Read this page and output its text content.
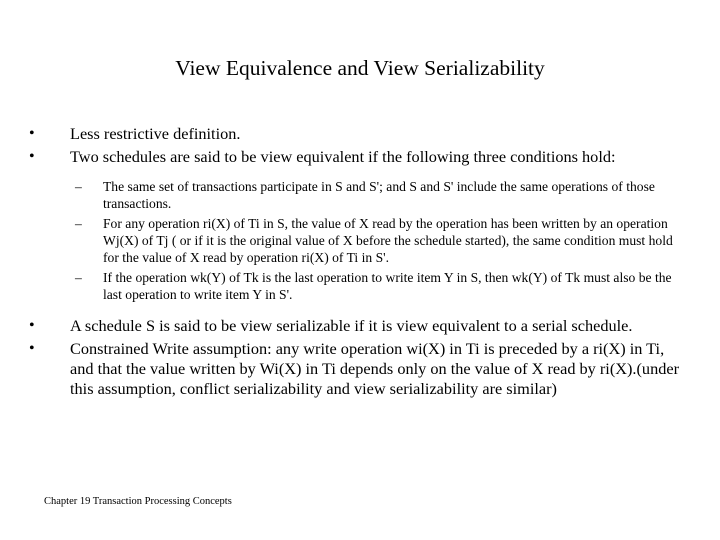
View Equivalence and View Serializability
• Less restrictive definition.
• Two schedules are said to be view equivalent if the following three conditions hold:
– The same set of transactions participate in S and S'; and S and S' include the same operations of those transactions.
– For any operation ri(X) of Ti in S, the value of X read by the operation has been written by an operation Wj(X) of Tj ( or if it is the original value of X before the schedule started), the same condition must hold for the value of X read by operation ri(X) of Ti in S'.
– If the operation wk(Y) of Tk is the last operation to write item Y in S, then wk(Y) of Tk must also be the last operation to write item Y in S'.
• A schedule S is said to be view serializable if it is view equivalent to a serial schedule.
• Constrained Write assumption: any write operation wi(X) in Ti is preceded by a ri(X) in Ti, and that the value written by Wi(X) in Ti depends only on the value of X read by ri(X).(under this assumption, conflict serializability and view serializability are similar)
Chapter 19 Transaction Processing Concepts
